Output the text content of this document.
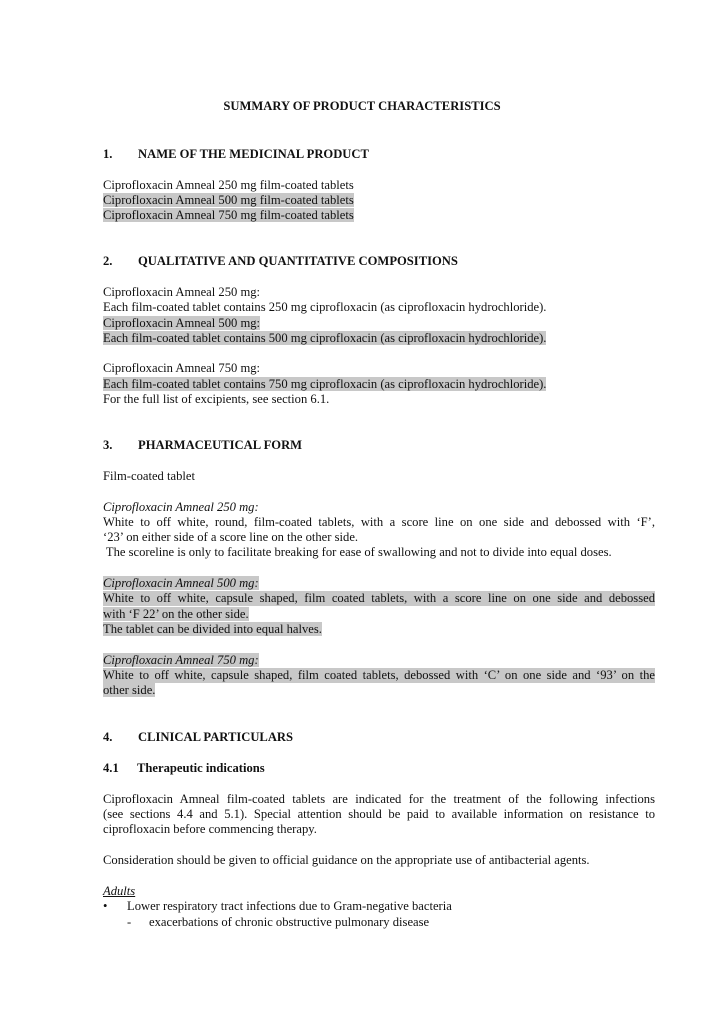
SUMMARY OF PRODUCT CHARACTERISTICS
1. NAME OF THE MEDICINAL PRODUCT
Ciprofloxacin Amneal 250 mg film-coated tablets
Ciprofloxacin Amneal 500 mg film-coated tablets
Ciprofloxacin Amneal 750 mg film-coated tablets
2. QUALITATIVE AND QUANTITATIVE COMPOSITIONS
Ciprofloxacin Amneal 250 mg:
Each film-coated tablet contains 250 mg ciprofloxacin (as ciprofloxacin hydrochloride).
Ciprofloxacin Amneal 500 mg:
Each film-coated tablet contains 500 mg ciprofloxacin (as ciprofloxacin hydrochloride).
Ciprofloxacin Amneal 750 mg:
Each film-coated tablet contains 750 mg ciprofloxacin (as ciprofloxacin hydrochloride).
For the full list of excipients, see section 6.1.
3. PHARMACEUTICAL FORM
Film-coated tablet
Ciprofloxacin Amneal 250 mg:
White to off white, round, film-coated tablets, with a score line on one side and debossed with ‘F’,
‘23’ on either side of a score line on the other side.
The scoreline is only to facilitate breaking for ease of swallowing and not to divide into equal doses.
Ciprofloxacin Amneal 500 mg:
White to off white, capsule shaped, film coated tablets, with a score line on one side and debossed
with ‘F 22’ on the other side.
The tablet can be divided into equal halves.
Ciprofloxacin Amneal 750 mg:
White to off white, capsule shaped, film coated tablets, debossed with ‘C’ on one side and ‘93’ on the
other side.
4. CLINICAL PARTICULARS
4.1 Therapeutic indications
Ciprofloxacin Amneal film-coated tablets are indicated for the treatment of the following infections
(see sections 4.4 and 5.1). Special attention should be paid to available information on resistance to
ciprofloxacin before commencing therapy.
Consideration should be given to official guidance on the appropriate use of antibacterial agents.
Adults
• Lower respiratory tract infections due to Gram-negative bacteria
- exacerbations of chronic obstructive pulmonary disease
